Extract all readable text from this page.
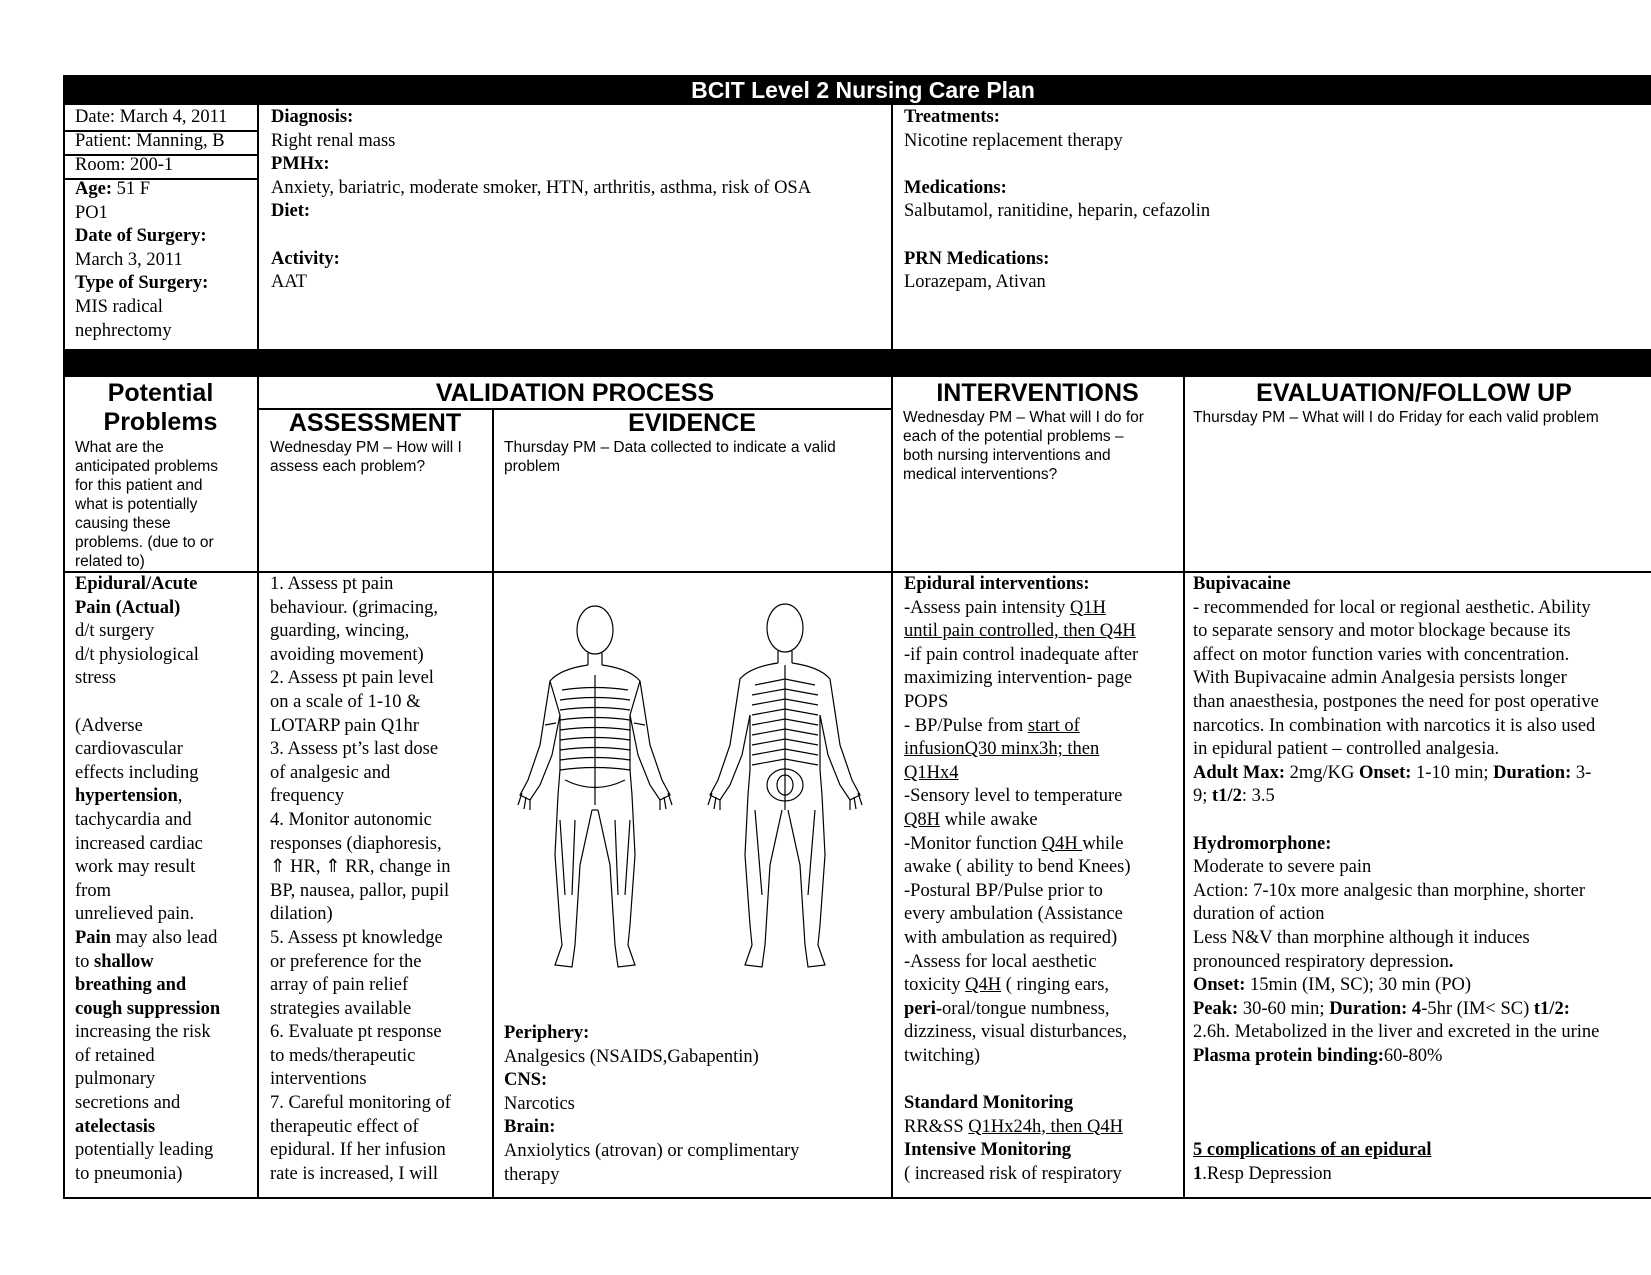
BCIT Level 2 Nursing Care Plan

Date: March 4, 2011

Patient: Manning, B

Room: 200-1

Age: 51 F

PO1

Date of Surgery:

March 3, 2011

Type of Surgery:

MIS radical

nephrectomy

Diagnosis:

Right renal mass

PMHx:

Anxiety, bariatric, moderate smoker, HTN, arthritis, asthma, risk of OSA

Diet:

Activity:

AAT

Treatments:

Nicotine replacement therapy

Medications:

Salbutamol, ranitidine, heparin, cefazolin

PRN Medications:

Lorazepam, Ativan

Potential

Problems

What are the

anticipated problems

for this patient and

what is potentially

causing these

problems. (due to or

related to)

VALIDATION PROCESS

ASSESSMENT

Wednesday PM – How will I

assess each problem?

EVIDENCE

Thursday PM – Data collected to indicate a valid

problem

INTERVENTIONS

Wednesday PM – What will I do for

each of the potential problems –

both nursing interventions and

medical interventions?

EVALUATION/FOLLOW UP

Thursday PM – What will I do Friday for each valid problem

Epidural/Acute

Pain (Actual)

d/t surgery

d/t physiological

stress

(Adverse

cardiovascular

effects including

hypertension,

tachycardia and

increased cardiac

work may result

from

unrelieved pain.

Pain may also lead

to shallow

breathing and

cough suppression

increasing the risk

of retained

pulmonary

secretions and

atelectasis

potentially leading

to pneumonia)

1. Assess pt pain

behaviour. (grimacing,

guarding, wincing,

avoiding movement)

2. Assess pt pain level

on a scale of 1-10 &

LOTARP pain Q1hr

3. Assess pt’s last dose

of analgesic and

frequency

4. Monitor autonomic

responses (diaphoresis,

⇑ HR, ⇑ RR, change in

BP, nausea, pallor, pupil

dilation)

5. Assess pt knowledge

or preference for the

array of pain relief

strategies available

6. Evaluate pt response

to meds/therapeutic

interventions

7. Careful monitoring of

therapeutic effect of

epidural. If her infusion

rate is increased, I will

Periphery:

Analgesics (NSAIDS,Gabapentin)

CNS:

Narcotics

Brain:

Anxiolytics (atrovan) or complimentary

therapy

Epidural interventions:

-Assess pain intensity Q1H

until pain controlled, then Q4H

-if pain control inadequate after

maximizing intervention- page

POPS

- BP/Pulse from start of

infusionQ30 minx3h; then

Q1Hx4

-Sensory level to temperature

Q8H while awake

-Monitor function Q4H while

awake ( ability to bend Knees)

-Postural BP/Pulse prior to

every ambulation (Assistance

with ambulation as required)

-Assess for local aesthetic

toxicity Q4H ( ringing ears,

peri-oral/tongue numbness,

dizziness, visual disturbances,

twitching)

Standard Monitoring

RR&SS Q1Hx24h, then Q4H

Intensive Monitoring

( increased risk of respiratory

Bupivacaine

- recommended for local or regional aesthetic. Ability

to separate sensory and motor blockage because its

affect on motor function varies with concentration.

With Bupivacaine admin Analgesia persists longer

than anaesthesia, postpones the need for post operative

narcotics. In combination with narcotics it is also used

in epidural patient – controlled analgesia.

Adult Max: 2mg/KG Onset: 1-10 min; Duration: 3-

9; t1/2: 3.5

Hydromorphone:

Moderate to severe pain

Action: 7-10x more analgesic than morphine, shorter

duration of action

Less N&V than morphine although it induces

pronounced respiratory depression.

Onset: 15min (IM, SC); 30 min (PO)

Peak: 30-60 min; Duration: 4-5hr (IM< SC) t1/2:

2.6h. Metabolized in the liver and excreted in the urine

Plasma protein binding:60-80%

5 complications of an epidural

1.Resp Depression
